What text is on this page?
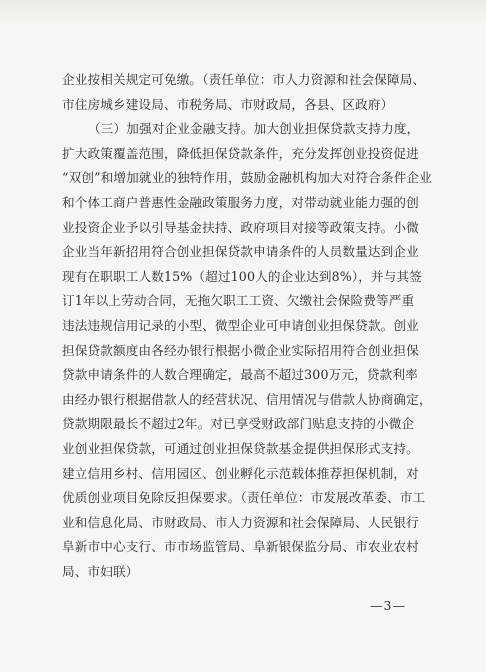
企业按相关规定可免缴。（责任单位：市人力资源和社会保障局、
市住房城乡建设局、市税务局、市财政局，各县、区政府）
（三）加强对企业金融支持。加大创业担保贷款支持力度，
扩大政策覆盖范围，降低担保贷款条件，充分发挥创业投资促进
“双创”和增加就业的独特作用，鼓励金融机构加大对符合条件企业
和个体工商户普惠性金融政策服务力度，对带动就业能力强的创
业投资企业予以引导基金扶持、政府项目对接等政策支持。小微
企业当年新招用符合创业担保贷款申请条件的人员数量达到企业
现有在职职工人数15%（超过100人的企业达到8%），并与其签
订1年以上劳动合同，无拖欠职工工资、欠缴社会保险费等严重
违法违规信用记录的小型、微型企业可申请创业担保贷款。创业
担保贷款额度由各经办银行根据小微企业实际招用符合创业担保
贷款申请条件的人数合理确定，最高不超过300万元，贷款利率
由经办银行根据借款人的经营状况、信用情况与借款人协商确定，
贷款期限最长不超过2年。对已享受财政部门贴息支持的小微企
业创业担保贷款，可通过创业担保贷款基金提供担保形式支持。
建立信用乡村、信用园区、创业孵化示范载体推荐担保机制，对
优质创业项目免除反担保要求。（责任单位：市发展改革委、市工
业和信息化局、市财政局、市人力资源和社会保障局、人民银行
阜新市中心支行、市市场监管局、阜新银保监分局、市农业农村
局、市妇联）
—3—
